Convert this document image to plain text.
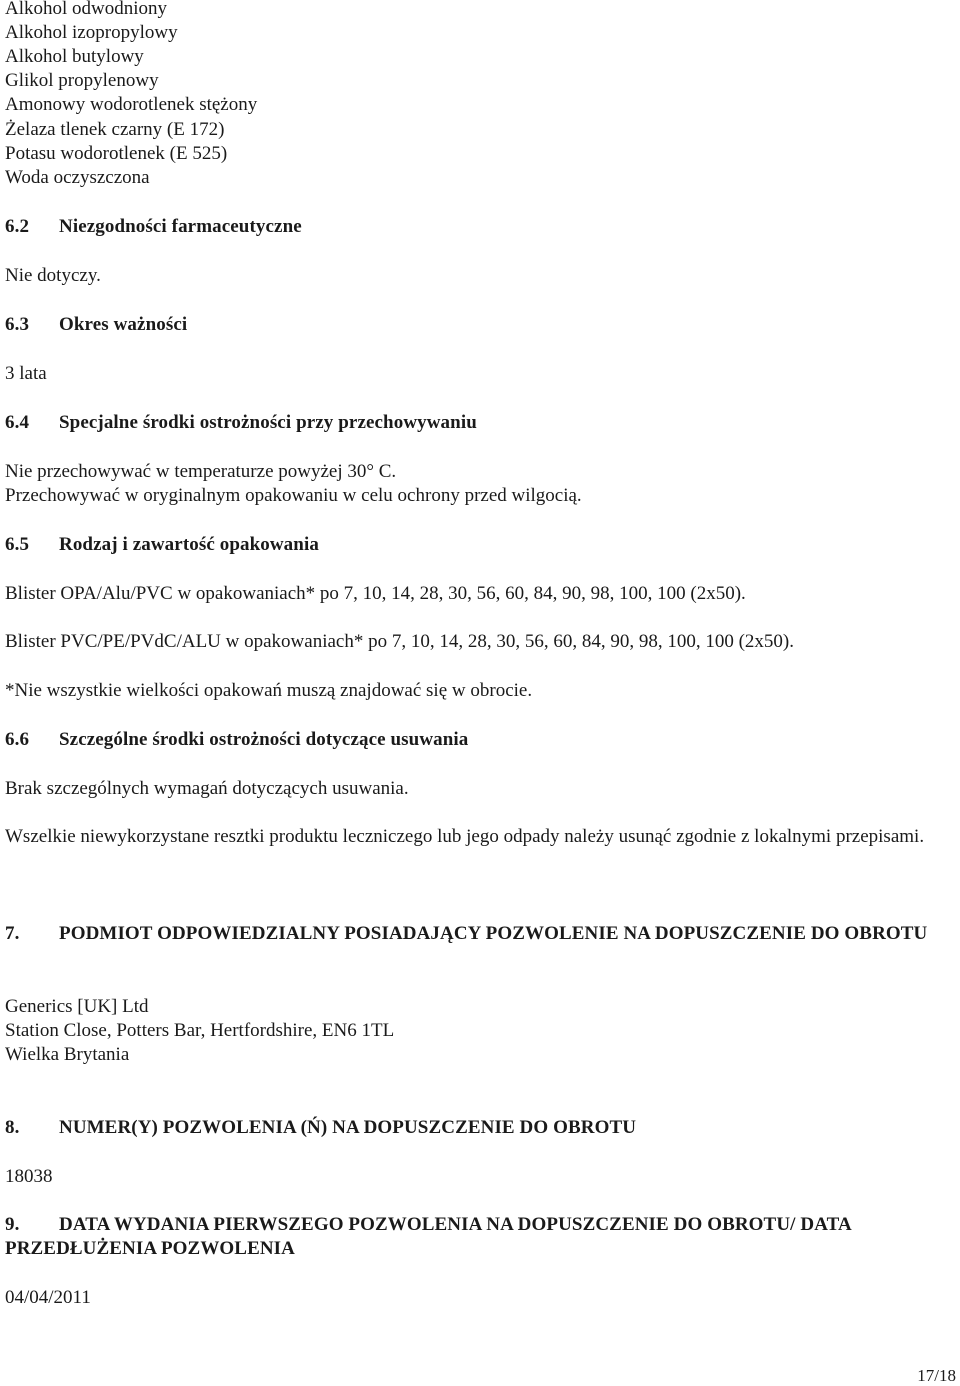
Alkohol odwodniony
Alkohol izopropylowy
Alkohol butylowy
Glikol propylenowy
Amonowy wodorotlenek stężony
Żelaza tlenek czarny (E 172)
Potasu wodorotlenek (E 525)
Woda oczyszczona
6.2 Niezgodności farmaceutyczne
Nie dotyczy.
6.3 Okres ważności
3 lata
6.4 Specjalne środki ostrożności przy przechowywaniu
Nie przechowywać w temperaturze powyżej 30° C.
Przechowywać w oryginalnym opakowaniu w celu ochrony przed wilgocią.
6.5 Rodzaj i zawartość opakowania
Blister OPA/Alu/PVC w opakowaniach* po 7, 10, 14, 28, 30, 56, 60, 84, 90, 98, 100, 100 (2x50).
Blister PVC/PE/PVdC/ALU w opakowaniach* po 7, 10, 14, 28, 30, 56, 60, 84, 90, 98, 100, 100 (2x50).
*Nie wszystkie wielkości opakowań muszą znajdować się w obrocie.
6.6 Szczególne środki ostrożności dotyczące usuwania
Brak szczególnych wymagań dotyczących usuwania.
Wszelkie niewykorzystane resztki produktu leczniczego lub jego odpady należy usunąć zgodnie z lokalnymi przepisami.
7. PODMIOT ODPOWIEDZIALNY POSIADAJĄCY POZWOLENIE NA DOPUSZCZENIE DO OBROTU
Generics [UK] Ltd
Station Close, Potters Bar, Hertfordshire, EN6 1TL
Wielka Brytania
8. NUMER(Y) POZWOLENIA (Ń) NA DOPUSZCZENIE DO OBROTU
18038
9. DATA WYDANIA PIERWSZEGO POZWOLENIA NA DOPUSZCZENIE DO OBROTU/ DATA PRZEDŁUŻENIA POZWOLENIA
04/04/2011
17/18
